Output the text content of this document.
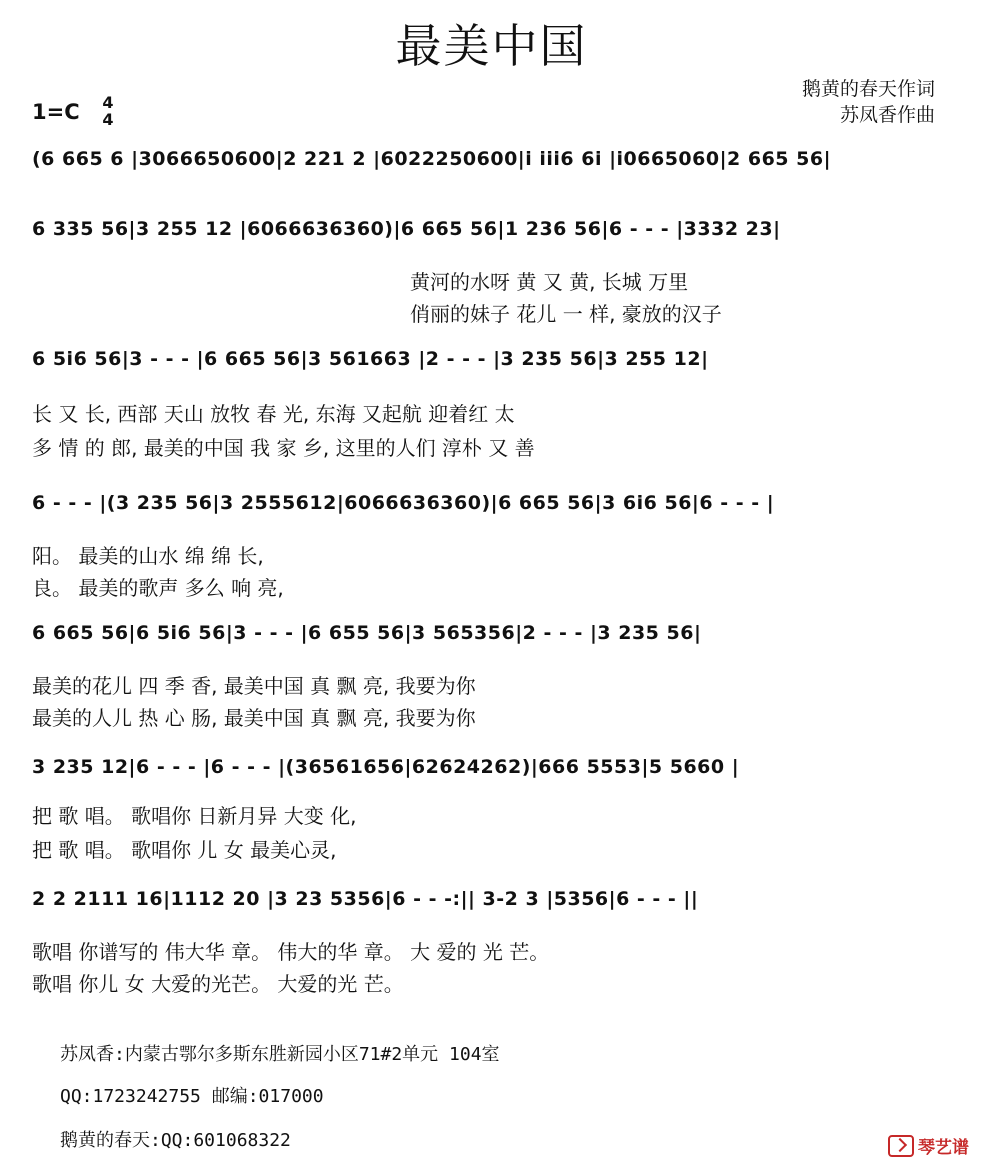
最美中国
鹅黄的春天作词
苏凤香作曲
1=C 4
4
(6 665 6 |3066650600|2 221 2 |6022250600|i iii6 6i |i0665060|2 665 56|
6 335 56|3 255 12 |6066636360)|6 665 56|1 236 56|6 - - - |3332 23|
黄河的水呀 黄 又 黄, 长城 万里
俏丽的妹子 花儿 一 样, 豪放的汉子
6 5i6 56|3 - - - |6 665 56|3 561663 |2 - - - |3 235 56|3 255 12|
长 又 长, 西部 天山 放牧 春 光, 东海 又起航 迎着红 太
多 情 的 郎, 最美的中国 我 家 乡, 这里的人们 淳朴 又 善
6 - - - |(3 235 56|3 2555612|6066636360)|6 665 56|3 6i6 56|6 - - - |
阳。 最美的山水 绵 绵 长,
良。 最美的歌声 多么 响 亮,
6 665 56|6 5i6 56|3 - - - |6 655 56|3 565356|2 - - - |3 235 56|
最美的花儿 四 季 香, 最美中国 真 飘 亮, 我要为你
最美的人儿 热 心 肠, 最美中国 真 飘 亮, 我要为你
3 235 12|6 - - - |6 - - - |(36561656|62624262)|666 5553|5 5660 |
把 歌 唱。 歌唱你 日新月异 大变 化,
把 歌 唱。 歌唱你 儿 女 最美心灵,
2 2 2111 16|1112 20 |3 23 5356|6 - - -:|| 3-2 3 |5356|6 - - - ||
歌唱 你谱写的 伟大华 章。 伟大的华 章。 大 爱的 光 芒。
歌唱 你儿 女 大爱的光芒。 大爱的光 芒。
苏凤香:内蒙古鄂尔多斯东胜新园小区71#2单元 104室
QQ:1723242755 邮编:017000
鹅黄的春天:QQ:601068322	琴艺谱
